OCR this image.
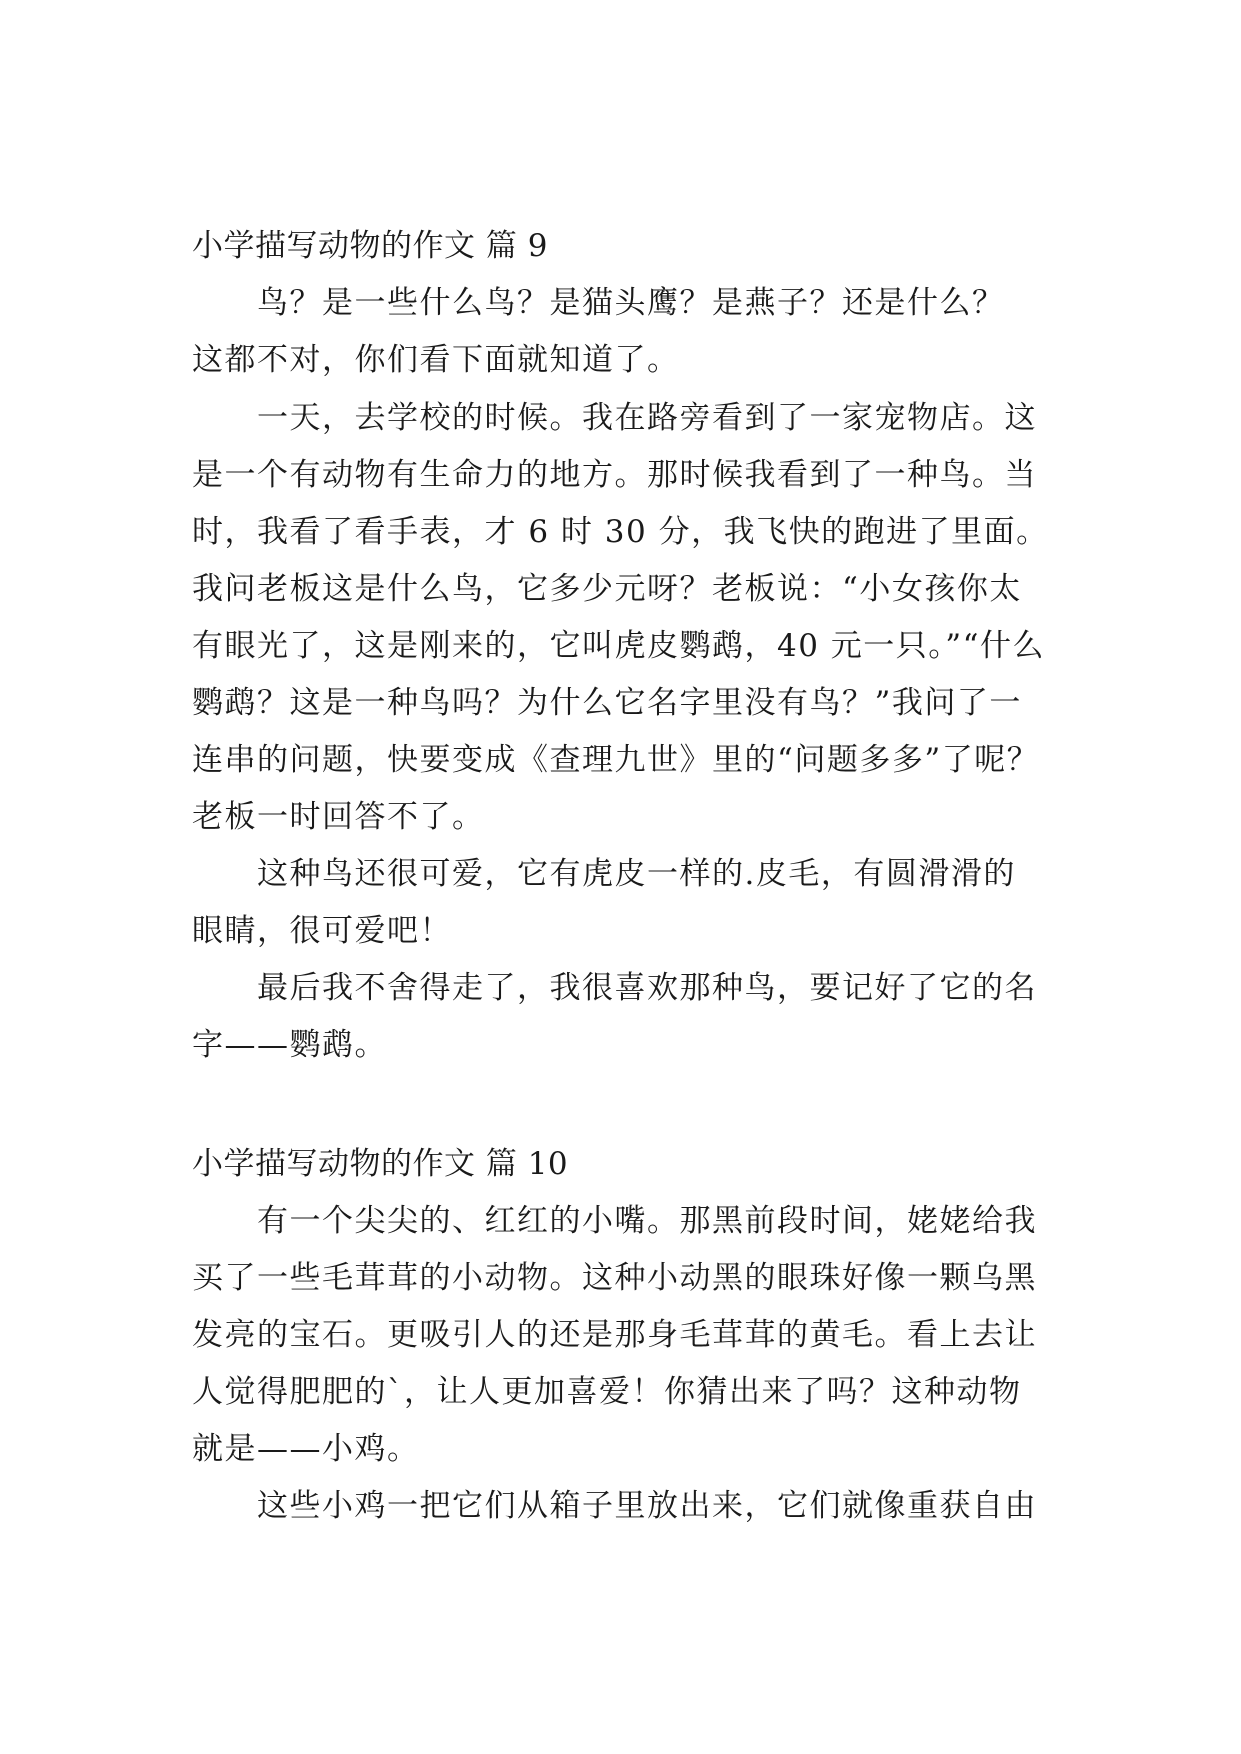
小学描写动物的作文 篇 9
　　鸟？是一些什么鸟？是猫头鹰？是燕子？还是什么？
这都不对，你们看下面就知道了。
　　一天，去学校的时候。我在路旁看到了一家宠物店。这
是一个有动物有生命力的地方。那时候我看到了一种鸟。当
时，我看了看手表，才 6 时 30 分，我飞快的跑进了里面。
我问老板这是什么鸟，它多少元呀？老板说：“小女孩你太
有眼光了，这是刚来的，它叫虎皮鹦鹉，40 元一只。”“什么
鹦鹉？这是一种鸟吗？为什么它名字里没有鸟？”我问了一
连串的问题，快要变成《查理九世》里的“问题多多”了呢？
老板一时回答不了。
　　这种鸟还很可爱，它有虎皮一样的.皮毛，有圆滑滑的
眼睛，很可爱吧！
　　最后我不舍得走了，我很喜欢那种鸟，要记好了它的名
字——鹦鹉。
小学描写动物的作文 篇 10
　　有一个尖尖的、红红的小嘴。那黑前段时间，姥姥给我
买了一些毛茸茸的小动物。这种小动黑的眼珠好像一颗乌黑
发亮的宝石。更吸引人的还是那身毛茸茸的黄毛。看上去让
人觉得肥肥的`，让人更加喜爱！你猜出来了吗？这种动物
就是——小鸡。
　　这些小鸡一把它们从箱子里放出来，它们就像重获自由
